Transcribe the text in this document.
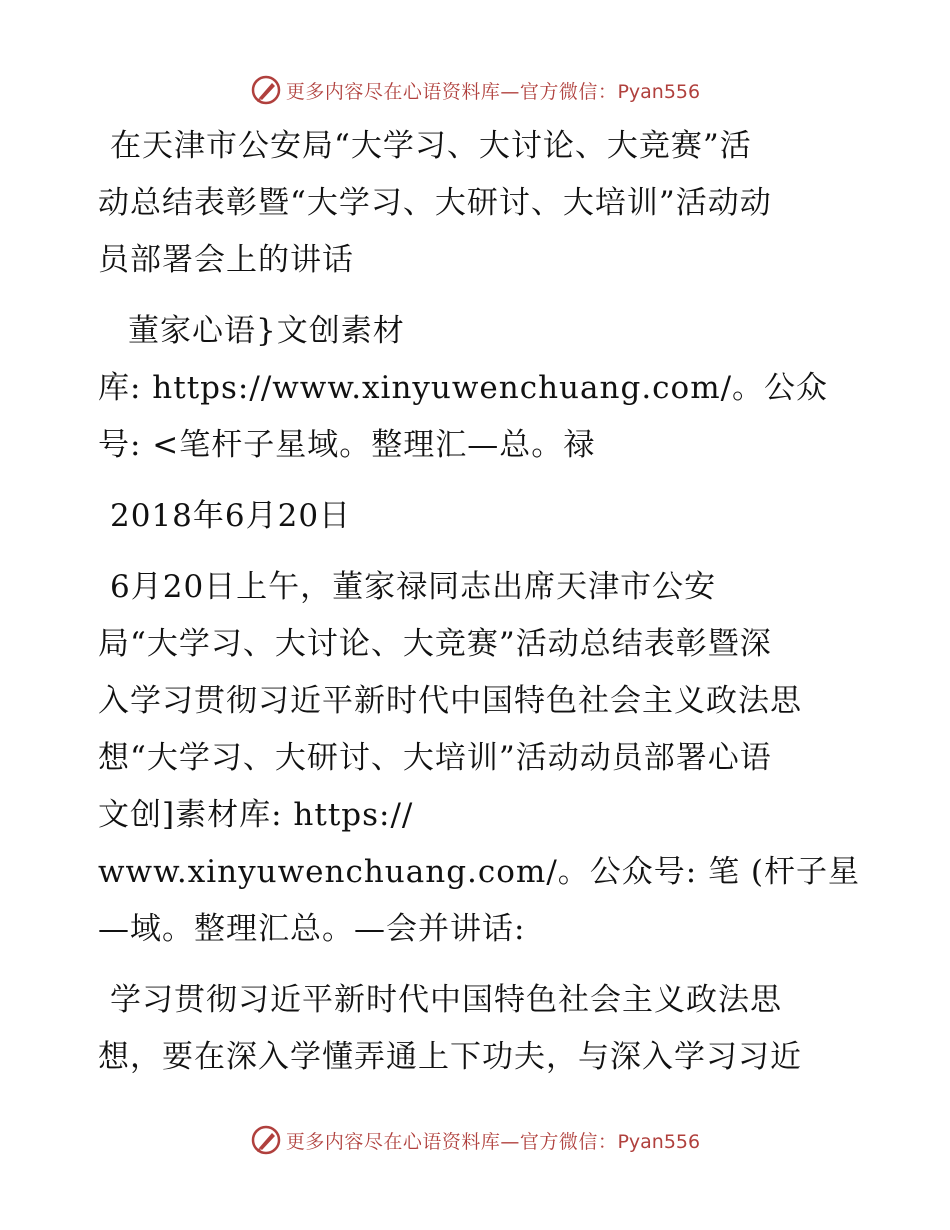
更多内容尽在心语资料库—官方微信：Pyan556
在天津市公安局“大学习、大讨论、大竞赛”活
动总结表彰暨“大学习、大研讨、大培训”活动动
员部署会上的讲话
董家心语}文创素材
库: https://www.xinyuwenchuang.com/。公众
号: <笔杆子星域。整理汇—总。禄
2018年6月20日
6月20日上午，董家禄同志出席天津市公安
局“大学习、大讨论、大竞赛”活动总结表彰暨深
入学习贯彻习近平新时代中国特色社会主义政法思
想“大学习、大研讨、大培训”活动动员部署心语
文创]素材库: https://
www.xinyuwenchuang.com/。公众号: 笔 (杆子星
—域。整理汇总。—会并讲话:
学习贯彻习近平新时代中国特色社会主义政法思
想，要在深入学懂弄通上下功夫，与深入学习习近
更多内容尽在心语资料库—官方微信：Pyan556
